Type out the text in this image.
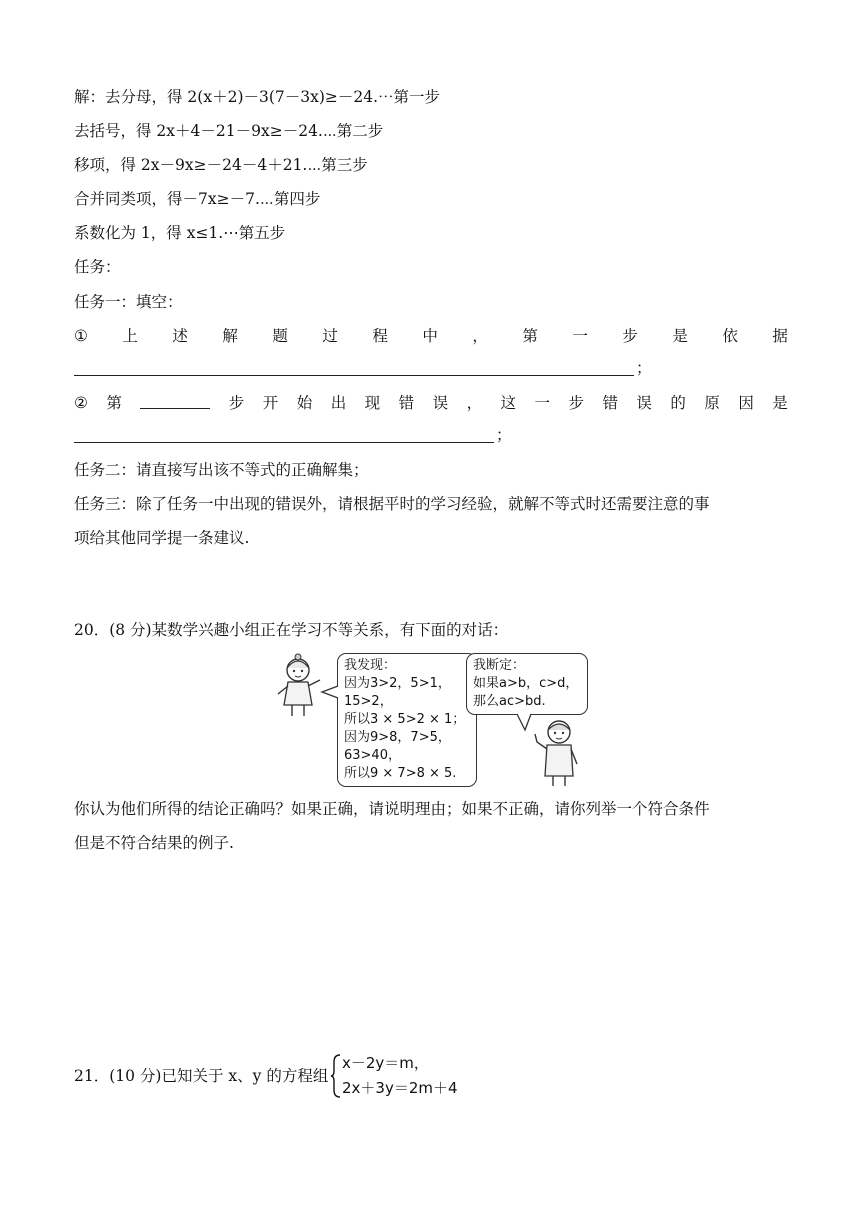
解：去分母，得 2(x＋2)－3(7－3x)≥－24.⋯第一步
去括号，得 2x＋4－21－9x≥－24.⋯第二步
移项，得 2x－9x≥－24－4＋21.⋯第三步
合并同类项，得－7x≥－7.⋯第四步
系数化为 1，得 x≤1.⋯第五步
任务：
任务一：填空：
① 上 述 解 题 过 程 中 ， 第 一 步 是 依 据
；
② 第	步 开 始 出 现 错 误 ， 这 一 步 错 误 的 原 因 是
；
任务二：请直接写出该不等式的正确解集；
任务三：除了任务一中出现的错误外，请根据平时的学习经验，就解不等式时还需要注意的事
项给其他同学提一条建议.
20．(8 分)某数学兴趣小组正在学习不等关系，有下面的对话：
我发现：
因为3>2，5>1，
15>2，
所以3 × 5>2 × 1；
因为9>8，7>5，
63>40，
所以9 × 7>8 × 5.
我断定：
如果a>b，c>d，
那么ac>bd.
你认为他们所得的结论正确吗？如果正确，请说明理由；如果不正确，请你列举一个符合条件
但是不符合结果的例子.
21．(10 分)已知关于 x、y 的方程组
x－2y＝m，
2x＋3y＝2m＋4
